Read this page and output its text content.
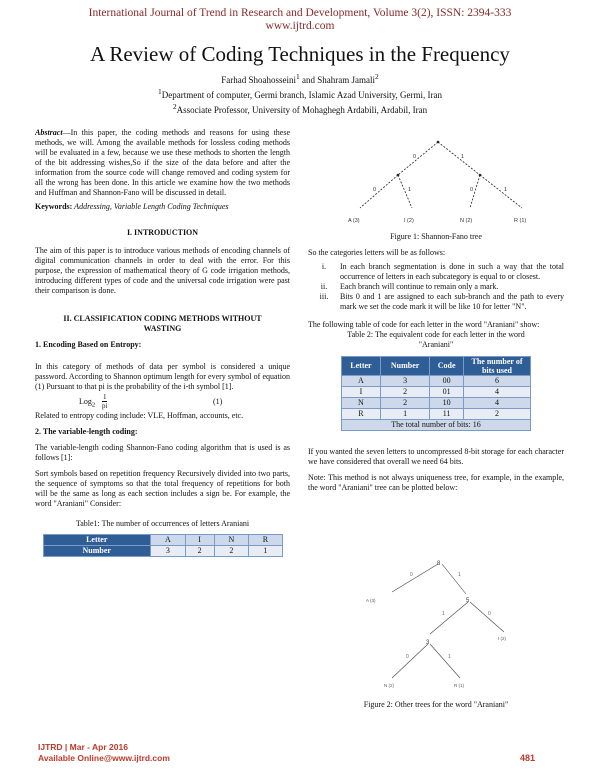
International Journal of Trend in Research and Development, Volume 3(2), ISSN: 2394-333
www.ijtrd.com
A Review of Coding Techniques in the Frequency
Farhad Shoahosseini$^1$ and Shahram Jamali$^2$
$^1$Department of computer, Germi branch, Islamic Azad University, Germi, Iran
$^2$Associate Professor, University of Mohaghegh Ardabili, Ardabil, Iran

Abstract—In this paper, the coding methods and reasons for using these methods, we will. Among the available methods for lossless coding methods will be evaluated in a few, because we use these methods to shorten the length of the bit addressing wishes,So if the size of the data before and after the information from the source code will change removed and coding system for all the wrong has been done. In this article we examine how the two methods and Huffman and Shannon-Fano will be discussed in detail.

Keywords: Addressing, Variable Length Coding Techniques

I. INTRODUCTION

The aim of this paper is to introduce various methods of encoding channels of digital communication channels in order to deal with the error. For this purpose, the expression of mathematical theory of G code irrigation methods, introducing different types of code and the universal code irrigation were past their comparison is done.

II. CLASSIFICATION CODING METHODS WITHOUT WASTING

1. Encoding Based on Entropy:

In this category of methods of data per symbol is considered a unique password. According to Shannon optimum length for every symbol of equation (1) Pursuant to that pi is the probability of the i-th symbol [1].

Log$_2$
1
pi	(1)

Related to entropy coding include: VLE, Hoffman, accounts, etc.

2. The variable-length coding:

The variable-length coding Shannon-Fano coding algorithm that is used is as follows [1]:

Sort symbols based on repetition frequency Recursively divided into two parts, the sequence of symptoms so that the total frequency of repetitions for both will be the same as long as each section includes a sign be. For example, the word "Araniani" Consider:

Table1: The number of occurrences of letters Araniani

Letter	A	I	N	R
Number	3	2	2	1
0	1
0	1	0	1
A (3)	I (2)	N (2)	R (1)

Figure 1: Shannon-Fano tree

So the categories letters will be as follows:

i.	In each branch segmentation is done in such a way that the total occurrence of letters in each subcategory is equal to or closest.
ii.	Each branch will continue to remain only a mark.
iii.	Bits 0 and 1 are assigned to each sub-branch and the path to every mark we set the code mark it will be like 10 for letter "N".

The following table of code for each letter in the word "Araniani" show:

Table 2: The equivalent code for each letter in the word "Araniani"

Letter	Number	Code	The number of bits used
A	3	00	6
I	2	01	4
N	2	10	4
R	1	11	2
The total number of bits: 16			

If you wanted the seven letters to uncompressed 8-bit storage for each character we have considered that overall we need 64 bits.

Note: This method is not always uniqueness tree, for example, in the example, the word "Araniani" tree can be plotted below:

8
5
3
0	1
1	0
0	1
A (3)
I (2)
N (2)	R (1)
Figure 2: Other trees for the word "Araniani"
IJTRD | Mar - Apr 2016
Available Online@www.ijtrd.com	481
